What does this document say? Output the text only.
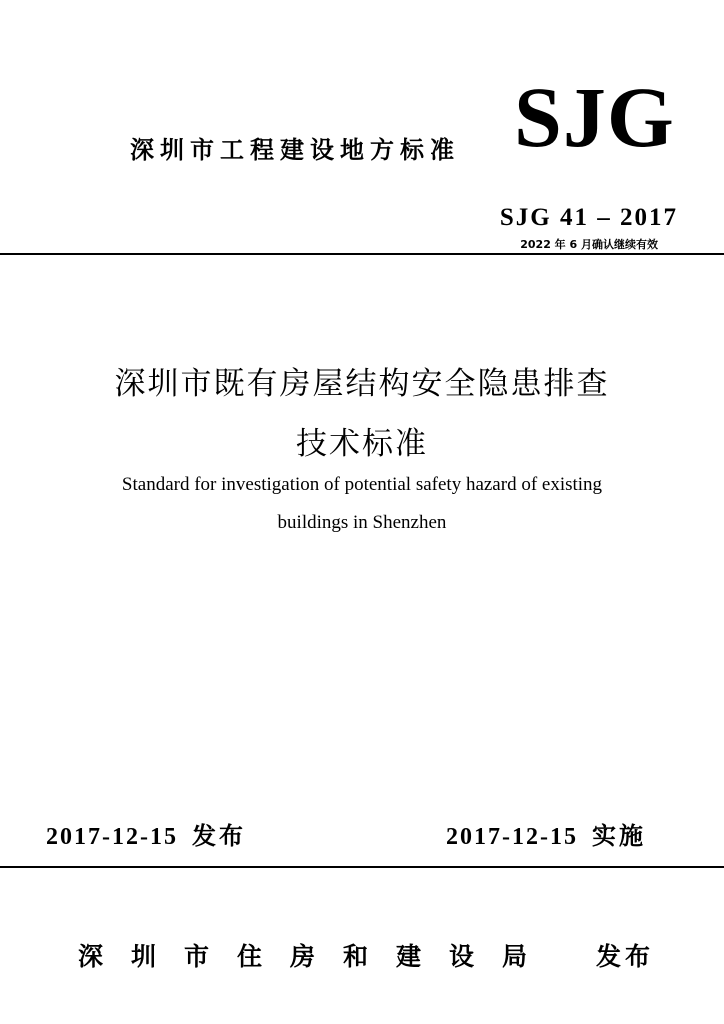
深圳市工程建设地方标准 SJG
SJG 41 – 2017
2022 年 6 月确认继续有效
深圳市既有房屋结构安全隐患排查
技术标准
Standard for investigation of potential safety hazard of existing
buildings in Shenzhen
2017-12-15 发布	2017-12-15 实施
深圳市住房和建设局 发布
